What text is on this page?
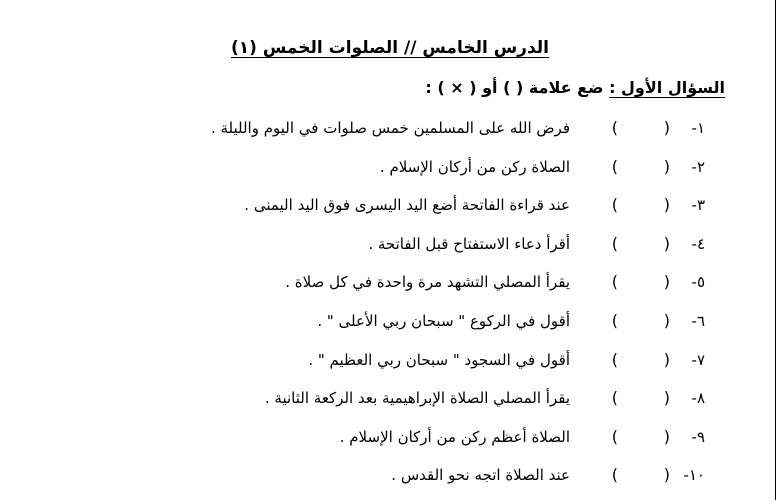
الدرس الخامس // الصلوات الخمس (١)
السؤال الأول : ضع علامة ( ) أو ( × ) :
١-
(
)
فرض الله على المسلمين خمس صلوات في اليوم والليلة .
٢-
(
)
الصلاة ركن من أركان الإسلام .
٣-
(
)
عند قراءة الفاتحة أضع اليد اليسرى فوق اليد اليمنى .
٤-
(
)
أقرأ دعاء الاستفتاح قبل الفاتحة .
٥-
(
)
يقرأ المصلي التشهد مرة واحدة في كل صلاة .
٦-
(
)
أقول في الركوع " سبحان ربي الأعلى " .
٧-
(
)
أقول في السجود " سبحان ربي العظيم " .
٨-
(
)
يقرأ المصلي الصلاة الإبراهيمية بعد الركعة الثانية .
٩-
(
)
الصلاة أعظم ركن من أركان الإسلام .
١٠-
(
)
عند الصلاة اتجه نحو القدس .
